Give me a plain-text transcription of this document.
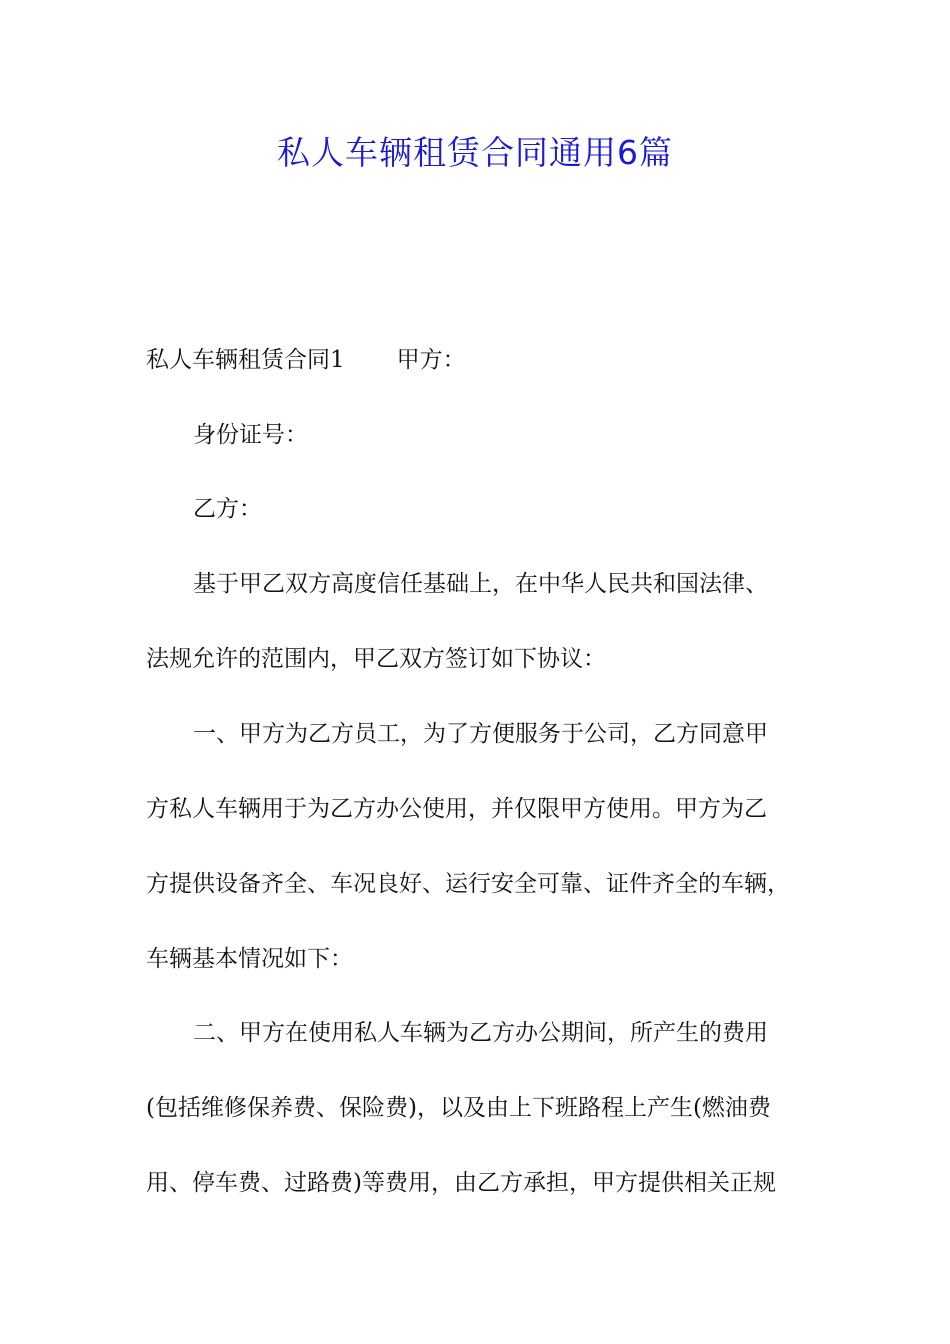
私人车辆租赁合同通用6篇

私人车辆租赁合同1 甲方：

身份证号：

乙方：

基于甲乙双方高度信任基础上，在中华人民共和国法律、

法规允许的范围内，甲乙双方签订如下协议：

一、甲方为乙方员工，为了方便服务于公司，乙方同意甲

方私人车辆用于为乙方办公使用，并仅限甲方使用。甲方为乙

方提供设备齐全、车况良好、运行安全可靠、证件齐全的车辆，

车辆基本情况如下：

二、甲方在使用私人车辆为乙方办公期间，所产生的费用

(包括维修保养费、保险费)，以及由上下班路程上产生(燃油费

用、停车费、过路费)等费用，由乙方承担，甲方提供相关正规
